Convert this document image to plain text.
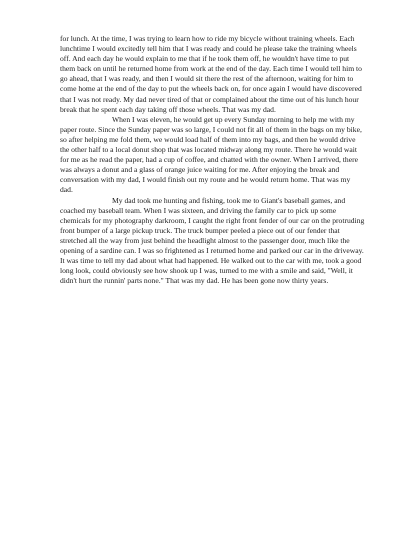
for lunch. At the time, I was trying to learn how to ride my bicycle without training wheels. Each lunchtime I would excitedly tell him that I was ready and could he please take the training wheels off. And each day he would explain to me that if he took them off, he wouldn't have time to put them back on until he returned home from work at the end of the day. Each time I would tell him to go ahead, that I was ready, and then I would sit there the rest of the afternoon, waiting for him to come home at the end of the day to put the wheels back on, for once again I would have discovered that I was not ready. My dad never tired of that or complained about the time out of his lunch hour break that he spent each day taking off those wheels. That was my dad.

When I was eleven, he would get up every Sunday morning to help me with my paper route. Since the Sunday paper was so large, I could not fit all of them in the bags on my bike, so after helping me fold them, we would load half of them into my bags, and then he would drive the other half to a local donut shop that was located midway along my route. There he would wait for me as he read the paper, had a cup of coffee, and chatted with the owner. When I arrived, there was always a donut and a glass of orange juice waiting for me. After enjoying the break and conversation with my dad, I would finish out my route and he would return home. That was my dad.

My dad took me hunting and fishing, took me to Giant's baseball games, and coached my baseball team. When I was sixteen, and driving the family car to pick up some chemicals for my photography darkroom, I caught the right front fender of our car on the protruding front bumper of a large pickup truck. The truck bumper peeled a piece out of our fender that stretched all the way from just behind the headlight almost to the passenger door, much like the opening of a sardine can. I was so frightened as I returned home and parked our car in the driveway. It was time to tell my dad about what had happened. He walked out to the car with me, took a good long look, could obviously see how shook up I was, turned to me with a smile and said, "Well, it didn't hurt the runnin' parts none." That was my dad. He has been gone now thirty years.
